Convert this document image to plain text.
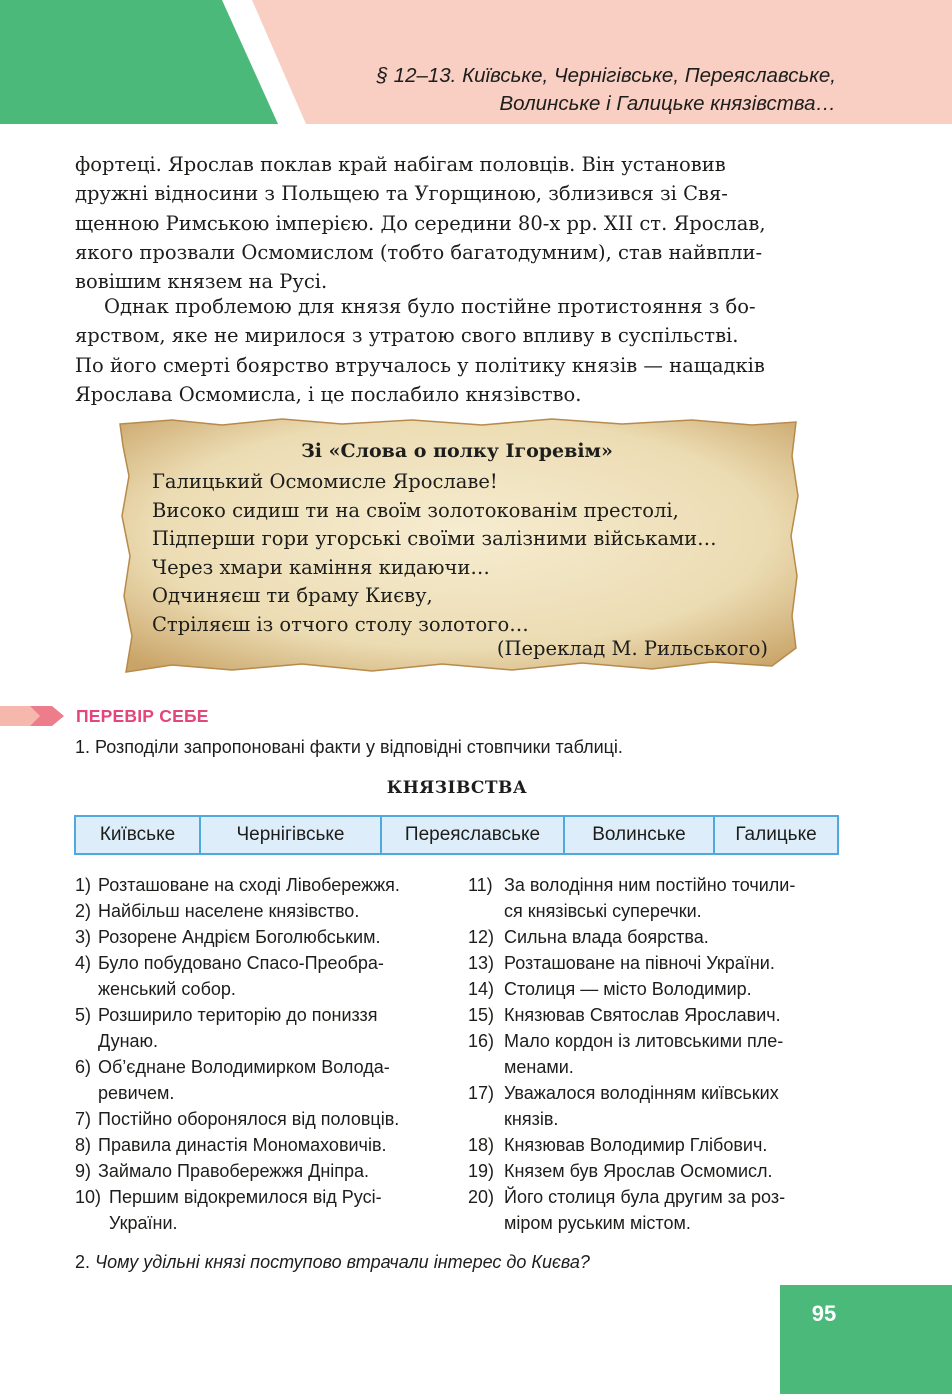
§ 12–13. Київське, Чернігівське, Переяславське,
Волинське і Галицьке князівства…

фортеці. Ярослав поклав край набігам половців. Він установив

дружні відносини з Польщею та Угорщиною, зблизився зі Свя-

щенною Римською імперією. До середини 80-х рр. XII ст. Ярослав,

якого прозвали Осмомислом (тобто багатодумним), став найвпли-

вовішим князем на Русі.

Однак проблемою для князя було постійне протистояння з бо-

ярством, яке не мирилося з утратою свого впливу в суспільстві.

По його смерті боярство втручалось у політику князів — нащадків

Ярослава Осмомисла, і це послабило князівство.

Зі «Слова о полку Ігоревім»
Галицький Осмомисле Ярославе!
Високо сидиш ти на своїм золотокованім престолі,
Підперши гори угорські своїми залізними військами…
Через хмари каміння кидаючи…
Одчиняєш ти браму Києву,
Стріляєш із отчого столу золотого…
(Переклад М. Рильського)
ПЕРЕВІР СЕБЕ
1. Розподіли запропоновані факти у відповідні стовпчики таблиці.
КНЯЗІВСТВА
Київське	Чернігівське	Переяславське	Волинське	Галицьке
1) Розташоване на сході Лівобережжя.
2) Найбільш населене князівство.
3) Розорене Андрієм Боголюбським.
4) Було побудовано Спасо-Преобра-
женський собор.
5) Розширило територію до пониззя
Дунаю.
6) Об’єднане Володимирком Волода-
ревичем.
7) Постійно оборонялося від половців.
8) Правила династія Мономаховичів.
9) Займало Правобережжя Дніпра.
10) Першим відокремилося від Русі-
України.
11) За володіння ним постійно точили-
ся князівські суперечки.
12) Сильна влада боярства.
13) Розташоване на півночі України.
14) Столиця — місто Володимир.
15) Князював Святослав Ярославич.
16) Мало кордон із литовськими пле-
менами.
17) Уважалося володінням київських
князів.
18) Князював Володимир Глібович.
19) Князем був Ярослав Осмомисл.
20) Його столиця була другим за роз-
міром руським містом.
2. Чому удільні князі поступово втрачали інтерес до Києва?
95
